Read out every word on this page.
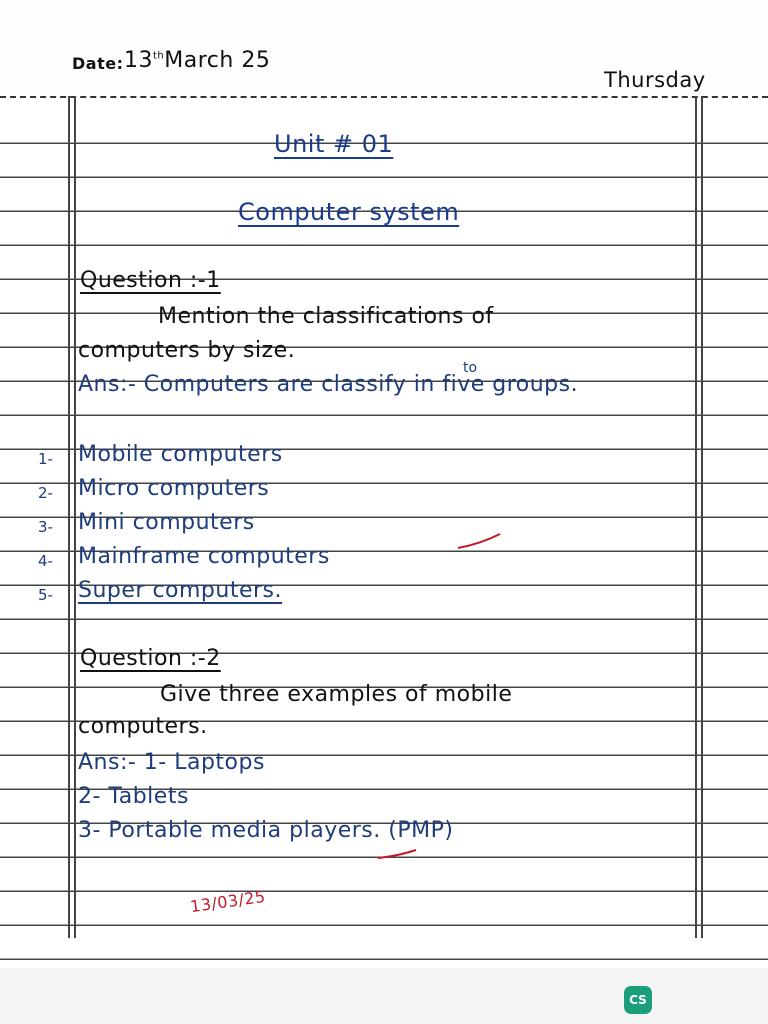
Date: 13thMarch 25
Thursday
Unit # 01
Computer system
Question :-1
Mention the classifications of
computers by size.
Ans:- Computers are classify in five groups.
to
1- Mobile computers
2- Micro computers
3- Mini computers
4- Mainframe computers
5- Super computers.
Question :-2
Give three examples of mobile
computers.
Ans:- 1- Laptops
2- Tablets
3- Portable media players. (PMP)
13/03/25
CS
